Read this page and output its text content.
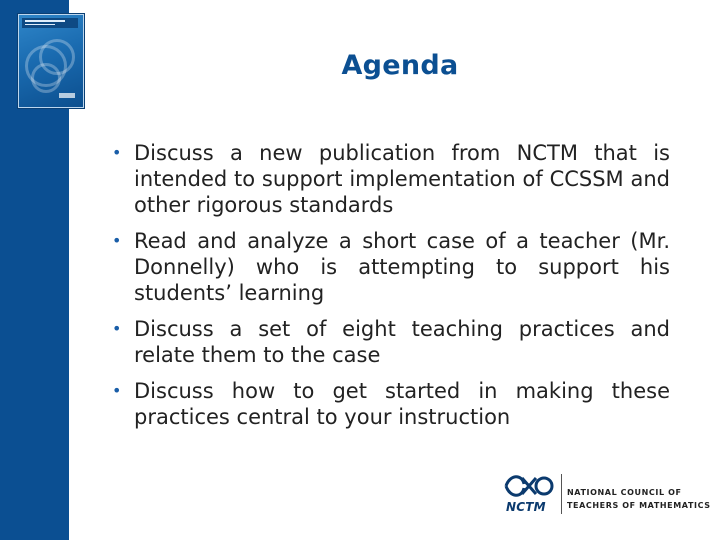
Agenda
• Discuss a new publication from NCTM that is intended to support implementation of CCSSM and other rigorous standards
• Read and analyze a short case of a teacher (Mr. Donnelly) who is attempting to support his students’ learning
• Discuss a set of eight teaching practices and relate them to the case
• Discuss how to get started in making these practices central to your instruction
NCTM
NATIONAL COUNCIL OF
TEACHERS OF MATHEMATICS
